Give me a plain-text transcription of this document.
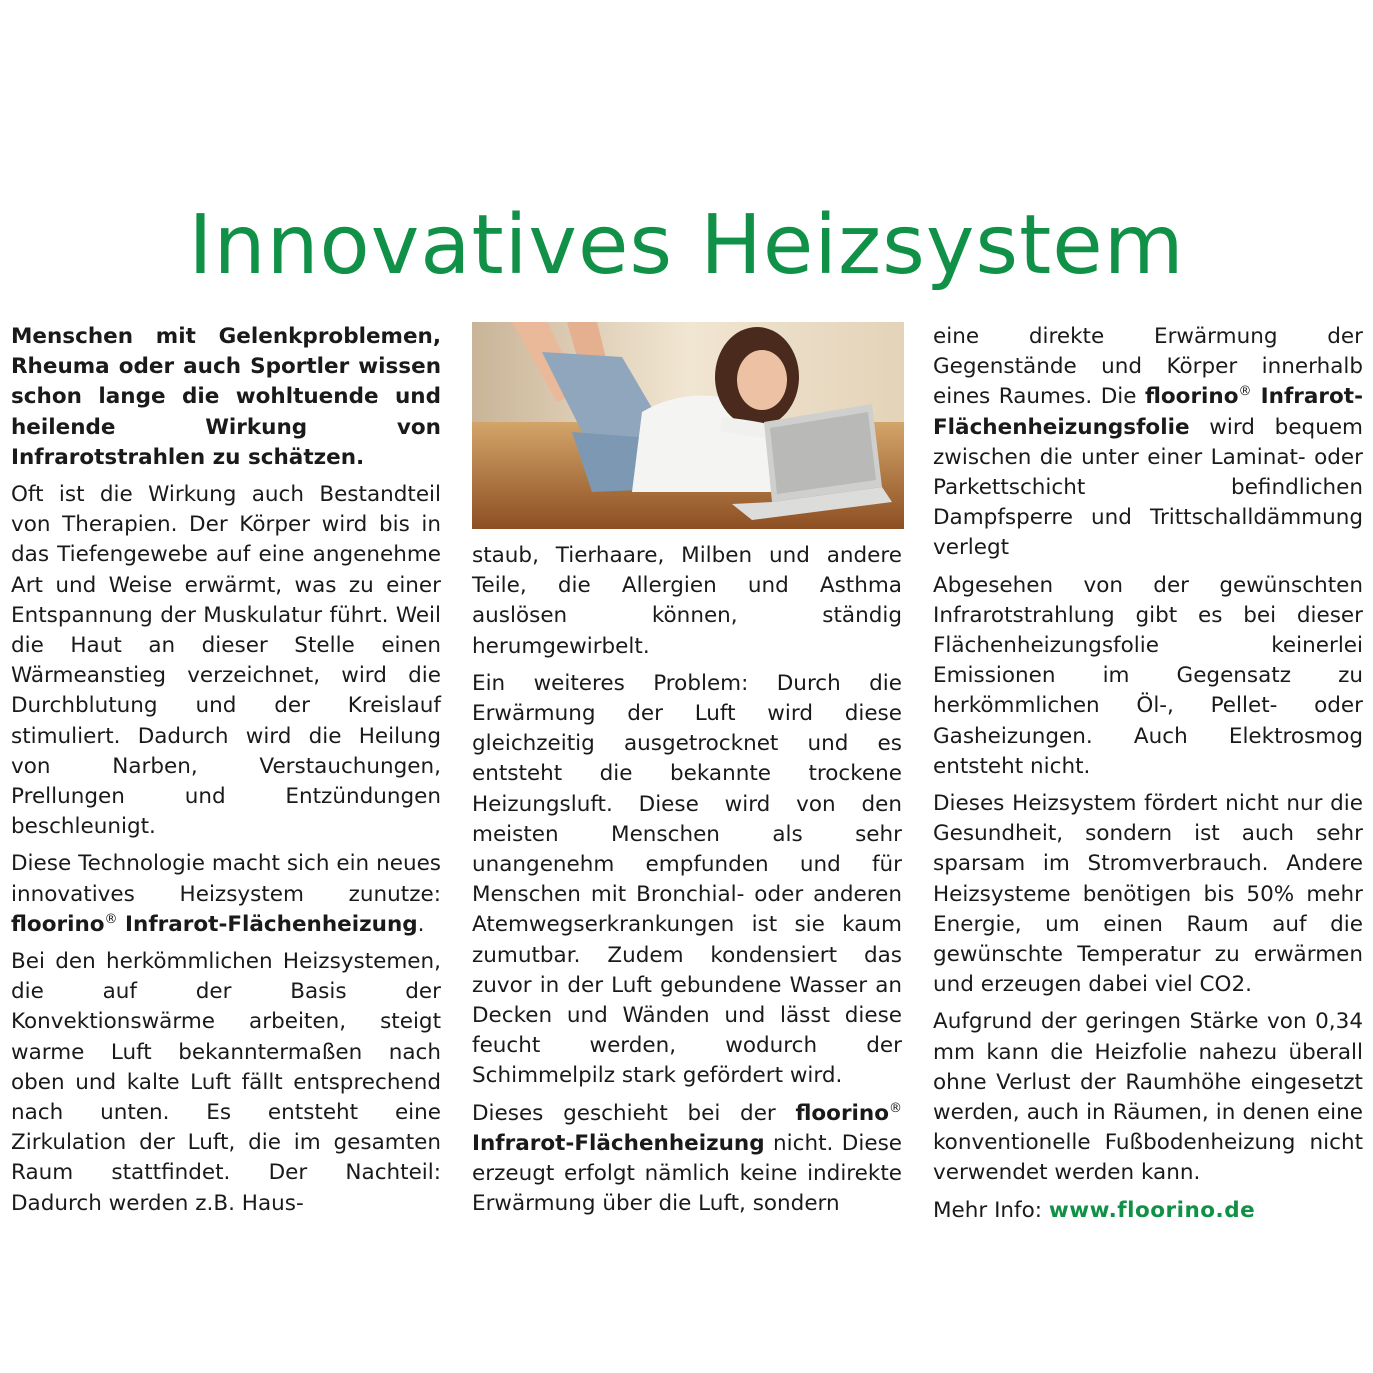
Innovatives Heizsystem

Menschen mit Gelenkproblemen, Rheuma oder auch Sportler wissen schon lange die wohltuende und heilende Wirkung von Infrarotstrahlen zu schätzen.

Oft ist die Wirkung auch Bestandteil von Therapien. Der Körper wird bis in das Tiefengewebe auf eine angenehme Art und Weise erwärmt, was zu einer Entspannung der Muskulatur führt. Weil die Haut an dieser Stelle einen Wärmeanstieg verzeichnet, wird die Durchblutung und der Kreislauf stimuliert. Dadurch wird die Heilung von Narben, Verstauchungen, Prellungen und Entzündungen beschleunigt.

Diese Technologie macht sich ein neues innovatives Heizsystem zunutze: floorino® Infrarot-Flächenheizung.

Bei den herkömmlichen Heizsystemen, die auf der Basis der Konvektionswärme arbeiten, steigt warme Luft bekanntermaßen nach oben und kalte Luft fällt entsprechend nach unten. Es entsteht eine Zirkulation der Luft, die im gesamten Raum stattfindet. Der Nachteil: Dadurch werden z.B. Haus-

staub, Tierhaare, Milben und andere Teile, die Allergien und Asthma auslösen können, ständig herumgewirbelt.

Ein weiteres Problem: Durch die Erwärmung der Luft wird diese gleichzeitig ausgetrocknet und es entsteht die bekannte trockene Heizungsluft. Diese wird von den meisten Menschen als sehr unangenehm empfunden und für Menschen mit Bronchial- oder anderen Atemwegserkrankungen ist sie kaum zumutbar. Zudem kondensiert das zuvor in der Luft gebundene Wasser an Decken und Wänden und lässt diese feucht werden, wodurch der Schimmelpilz stark gefördert wird.

Dieses geschieht bei der floorino® Infrarot-Flächenheizung nicht. Diese erzeugt erfolgt nämlich keine indirekte Erwärmung über die Luft, sondern

eine direkte Erwärmung der Gegenstände und Körper innerhalb eines Raumes. Die floorino® Infrarot-Flächenheizungsfolie wird bequem zwischen die unter einer Laminat- oder Parkettschicht befindlichen Dampfsperre und Trittschalldämmung verlegt

Abgesehen von der gewünschten Infrarotstrahlung gibt es bei dieser Flächenheizungsfolie keinerlei Emissionen im Gegensatz zu herkömmlichen Öl-, Pellet- oder Gasheizungen. Auch Elektrosmog entsteht nicht.

Dieses Heizsystem fördert nicht nur die Gesundheit, sondern ist auch sehr sparsam im Stromverbrauch. Andere Heizsysteme benötigen bis 50% mehr Energie, um einen Raum auf die gewünschte Temperatur zu erwärmen und erzeugen dabei viel CO2.

Aufgrund der geringen Stärke von 0,34 mm kann die Heizfolie nahezu überall ohne Verlust der Raumhöhe eingesetzt werden, auch in Räumen, in denen eine konventionelle Fußbodenheizung nicht verwendet werden kann.

Mehr Info: www.floorino.de
